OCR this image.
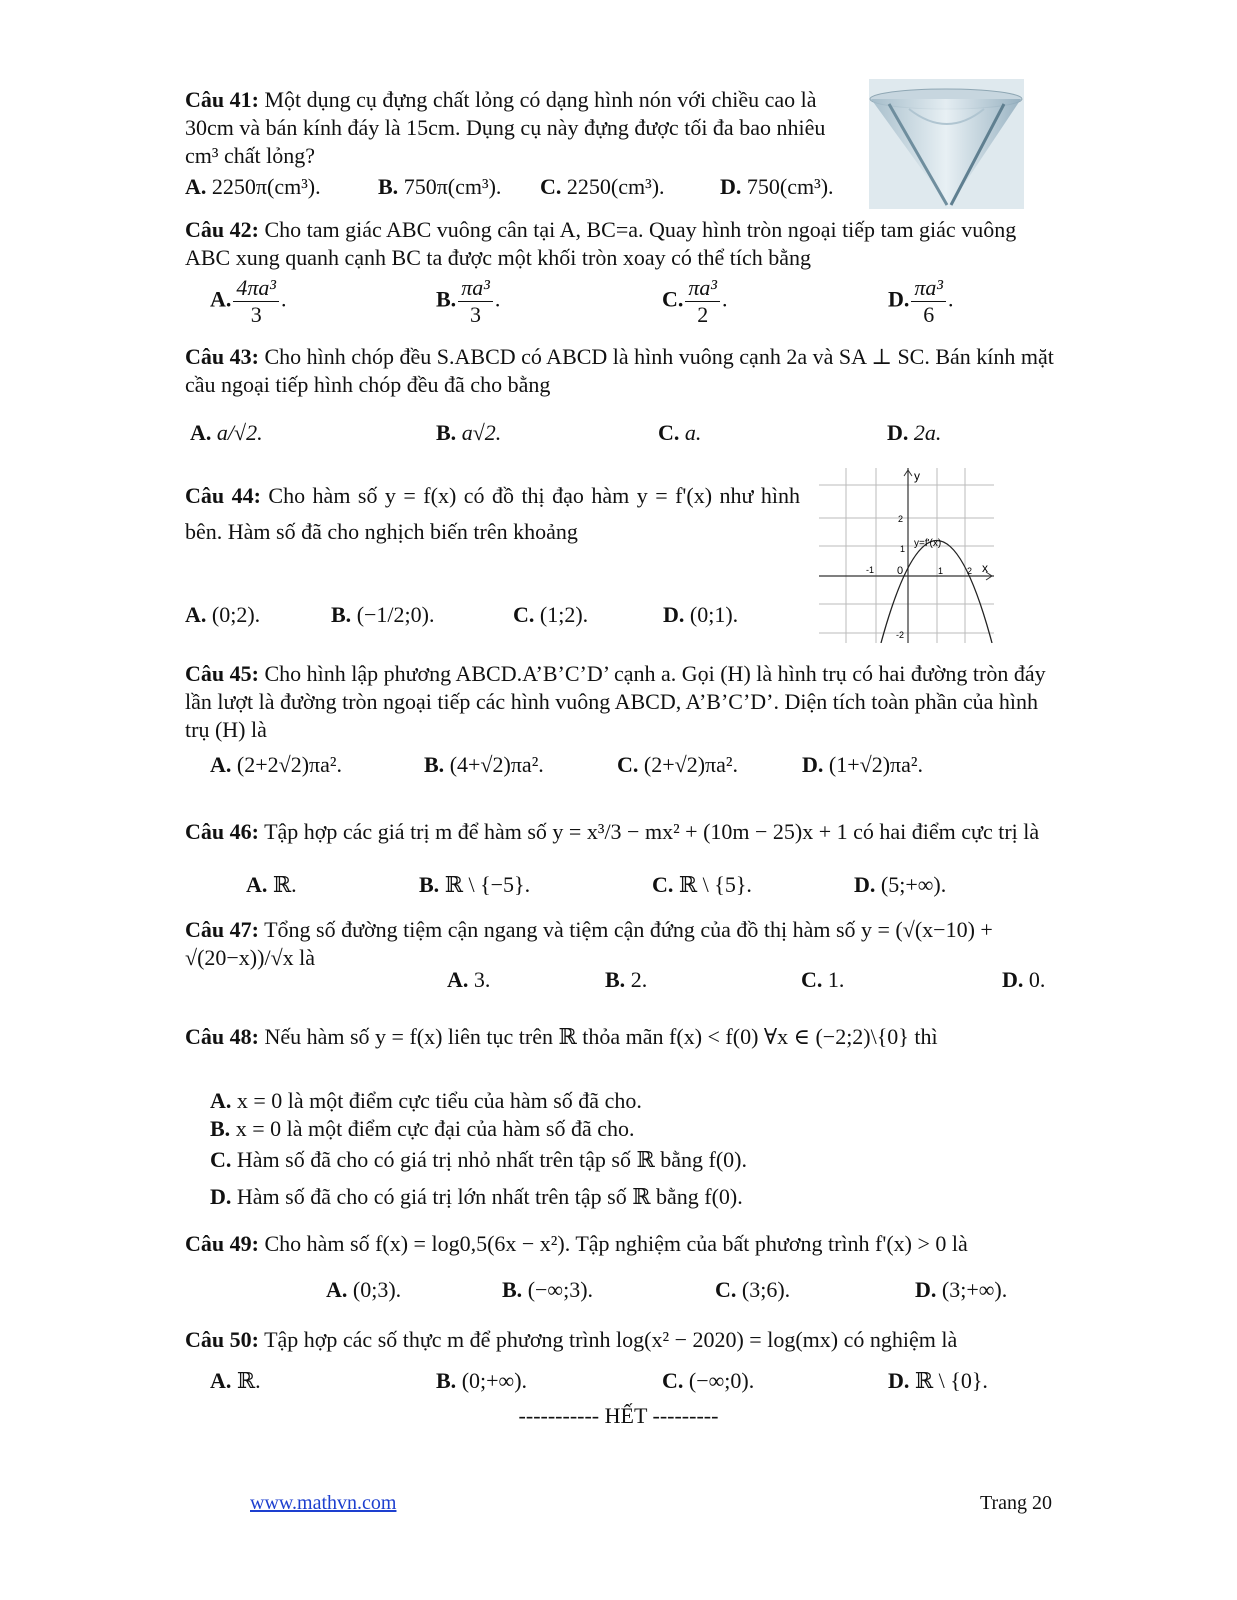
Câu 41: Một dụng cụ đựng chất lỏng có dạng hình nón với chiều cao là 30cm và bán kính đáy là 15cm. Dụng cụ này đựng được tối đa bao nhiêu cm³ chất lỏng?
A. 2250π(cm³).	B. 750π(cm³). C. 2250(cm³).	D. 750(cm³).
Câu 42: Cho tam giác ABC vuông cân tại A, BC=a. Quay hình tròn ngoại tiếp tam giác vuông ABC xung quanh cạnh BC ta được một khối tròn xoay có thể tích bằng
A. $\frac{\text{4πa³}}{3}$ .	B. $\frac{\text{πa³}}{3}$ .	C. $\frac{\text{πa³}}{2}$ .	D. $\frac{\text{πa³}}{6}$ .
Câu 43: Cho hình chóp đều S.ABCD có ABCD là hình vuông cạnh 2a và SA ⊥ SC. Bán kính mặt cầu ngoại tiếp hình chóp đều đã cho bằng
A. a/√2.	B. a√2.	C. a.	D. 2a.
Câu 44: Cho hàm số y = f(x) có đồ thị đạo hàm y = f'(x) như hình bên. Hàm số đã cho nghịch biến trên khoảng
A. (0;2).	B. (−1/2;0).	C. (1;2).	D. (0;1).
y
x
y=f'(x)
-1 0	1	2
1
2
-2
Câu 45: Cho hình lập phương ABCD.A’B’C’D’ cạnh a. Gọi (H) là hình trụ có hai đường tròn đáy lần lượt là đường tròn ngoại tiếp các hình vuông ABCD, A’B’C’D’. Diện tích toàn phần của hình trụ (H) là
A. (2+2√2)πa².	B. (4+√2)πa².	C. (2+√2)πa².	D. (1+√2)πa².
Câu 46: Tập hợp các giá trị m để hàm số y = x³/3 − mx² + (10m − 25)x + 1 có hai điểm cực trị là
A. ℝ.	B. ℝ \ {−5}.	C. ℝ \ {5}.	D. (5;+∞).
Câu 47: Tổng số đường tiệm cận ngang và tiệm cận đứng của đồ thị hàm số y = (√(x−10) + √(20−x))/√x là
A. 3.	B. 2.	C. 1.	D. 0.
Câu 48: Nếu hàm số y = f(x) liên tục trên ℝ thỏa mãn f(x) < f(0) ∀x ∈ (−2;2)\{0} thì
A. x = 0 là một điểm cực tiểu của hàm số đã cho.
B. x = 0 là một điểm cực đại của hàm số đã cho.
C. Hàm số đã cho có giá trị nhỏ nhất trên tập số ℝ bằng f(0).
D. Hàm số đã cho có giá trị lớn nhất trên tập số ℝ bằng f(0).
Câu 49: Cho hàm số f(x) = log0,5(6x − x²). Tập nghiệm của bất phương trình f'(x) > 0 là
A. (0;3).	B. (−∞;3).	C. (3;6).	D. (3;+∞).
Câu 50: Tập hợp các số thực m để phương trình log(x² − 2020) = log(mx) có nghiệm là
A. ℝ.	B. (0;+∞).	C. (−∞;0).	D. ℝ \ {0}.
----------- HẾT ---------
www.mathvn.com	Trang 20
